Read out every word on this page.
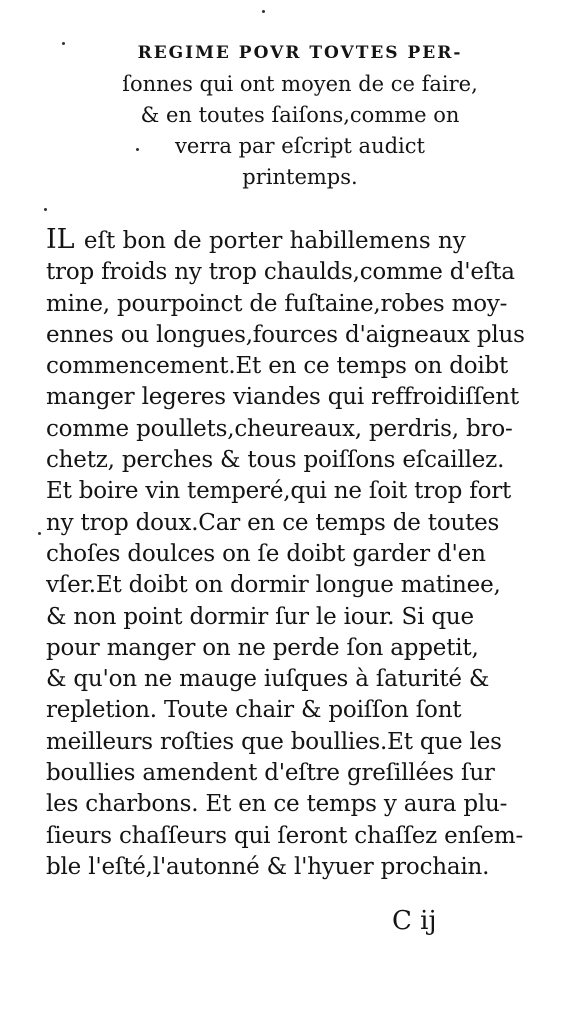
REGIME POVR TOVTES PER-
ſonnes qui ont moyen de ce faire,
& en toutes ſaiſons,comme on
verra par eſcript audict
printemps.
IL eſt bon de porter habillemens ny
trop froids ny trop chaulds,comme d'eſta
mine, pourpoinct de fuſtaine,robes moy-
ennes ou longues,fources d'aigneaux plus
commencement.Et en ce temps on doibt
manger legeres viandes qui reffroidiſſent
comme poullets,cheureaux, perdris, bro-
chetz, perches & tous poiſſons eſcaillez.
Et boire vin temperé,qui ne ſoit trop fort
ny trop doux.Car en ce temps de toutes
choſes doulces on ſe doibt garder d'en
vſer.Et doibt on dormir longue matinee,
& non point dormir ſur le iour. Si que
pour manger on ne perde ſon appetit,
& qu'on ne mauge iuſques à ſaturité &
repletion. Toute chair & poiſſon ſont
meilleurs roſties que boullies.Et que les
boullies amendent d'eſtre greſillées ſur
les charbons. Et en ce temps y aura plu-
ſieurs chaſſeurs qui ſeront chaſſez enſem-
ble l'eſté,l'autonné & l'hyuer prochain.
C ij
